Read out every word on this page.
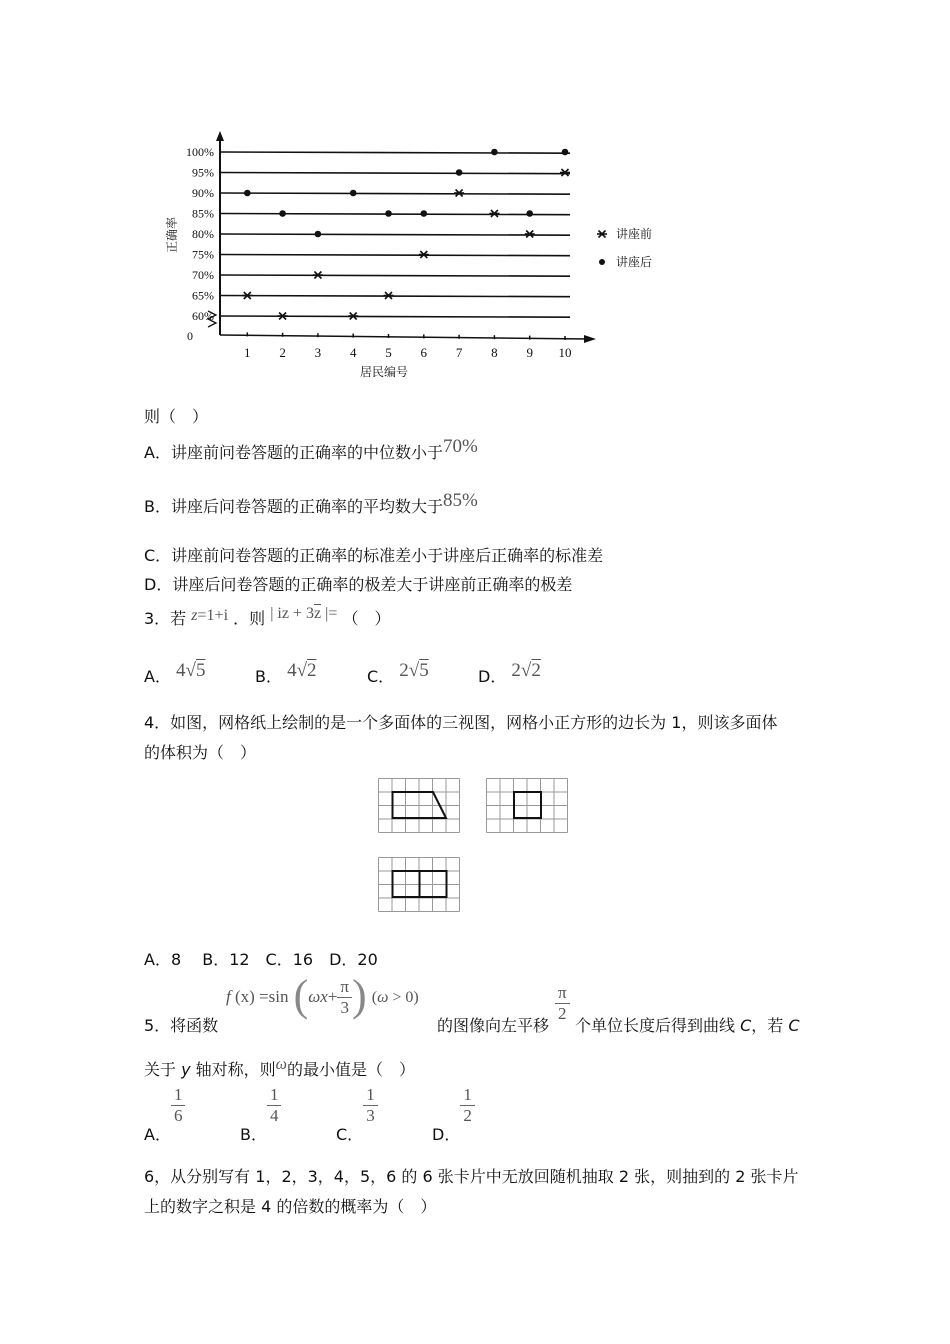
60%
65%
70%
75%
80%
85%
90%
95%
100%
0
1 2 3 4 5 6 7 8 9 10
居民编号
正确率	讲座前
讲座后
则（　）
A．讲座前问卷答题的正确率的中位数小于70%
B．讲座后问卷答题的正确率的平均数大于85%
C．讲座前问卷答题的正确率的标准差小于讲座后正确率的标准差
D．讲座后问卷答题的正确率的极差大于讲座前正确率的极差
3．若 z=1+i ．则 | iz + $3\overline{z}$ |= （　）
A． 4√5	B． 4√2	C． 2√5	D． 2√2
4．如图，网格纸上绘制的是一个多面体的三视图，网格小正方形的边长为 1，则该多面体
的体积为（　）
A．8　 B．12　C．16　D．20
f (x) =sin ($\omega x+ \frac{\pi}{3}$ ) (ω > 0)
5．将函数	的图像向左平移
$\frac{\pi}{2}$
个单位长度后得到曲线 C，若 C
关于 y 轴对称，则ω的最小值是（　）
A．
$\frac{1}{6}$
B．
$\frac{1}{4}$
C．
$\frac{1}{3}$
D．
$\frac{1}{2}$
6，从分别写有 1，2，3，4，5，6 的 6 张卡片中无放回随机抽取 2 张，则抽到的 2 张卡片
上的数字之积是 4 的倍数的概率为（　）
